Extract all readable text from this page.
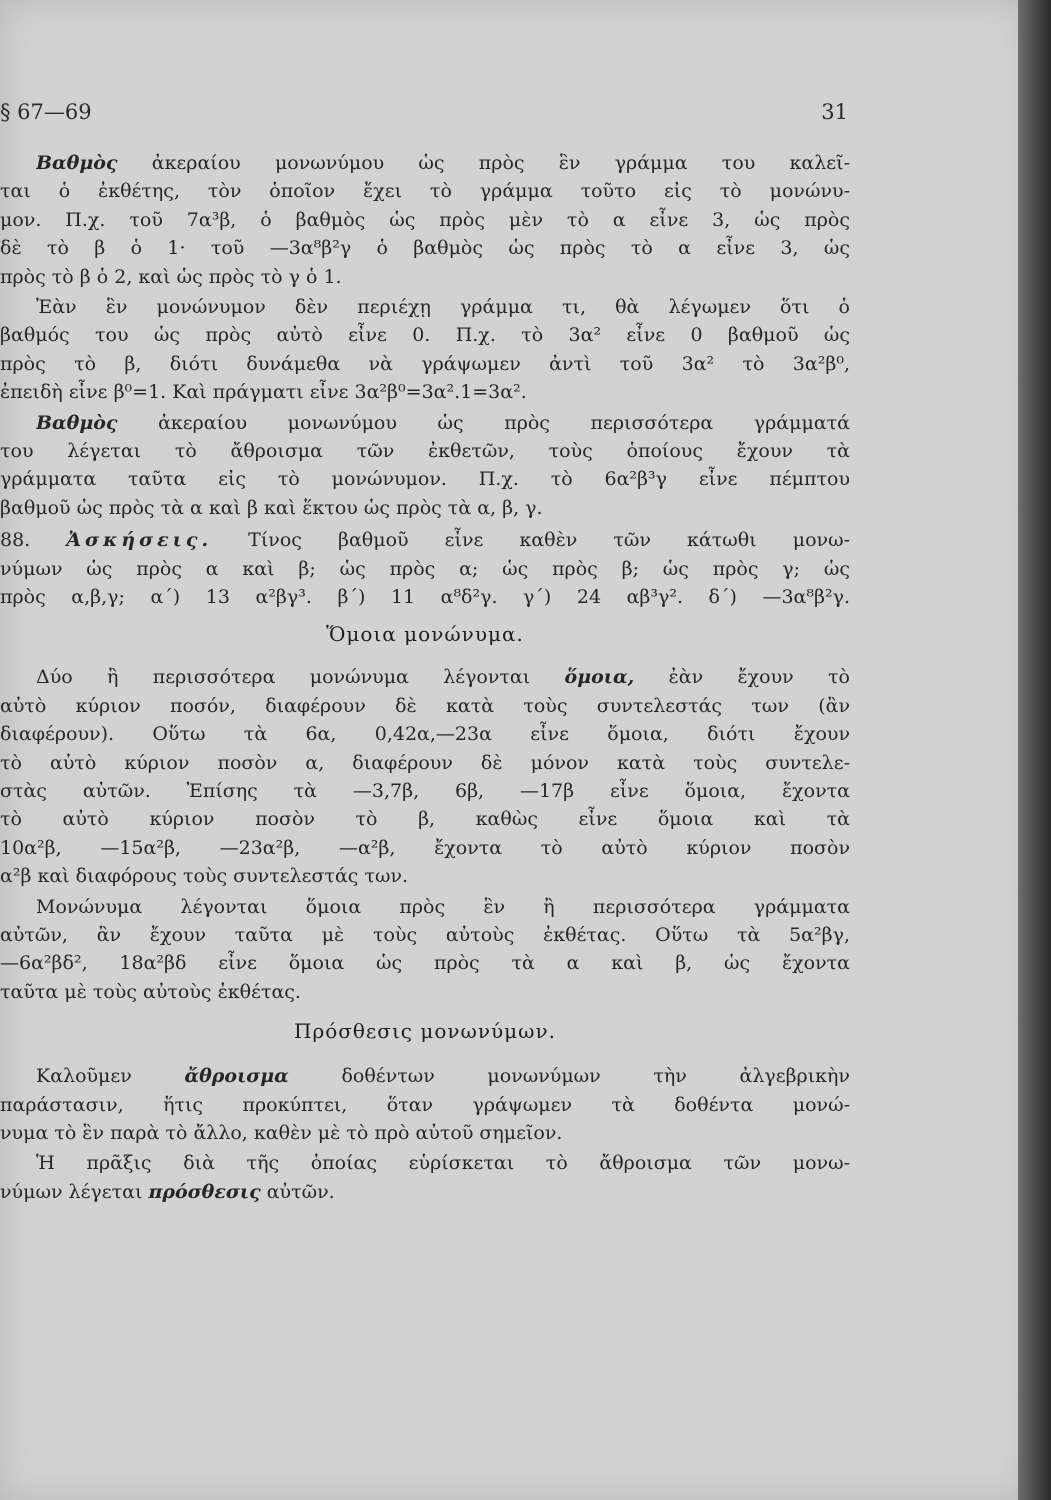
§ 67—69	31
Βαθμὸς ἀκεραίου μονωνύμου ὡς πρὸς ἓν γράμμα του καλεῖ-
ται ὁ ἐκθέτης, τὸν ὁποῖον ἔχει τὸ γράμμα τοῦτο εἰς τὸ μονώνυ-
μον. Π.χ. τοῦ 7α³β, ὁ βαθμὸς ὡς πρὸς μὲν τὸ α εἶνε 3, ὡς πρὸς
δὲ τὸ β ὁ 1· τοῦ —3α⁸β²γ ὁ βαθμὸς ὡς πρὸς τὸ α εἶνε 3, ὡς
πρὸς τὸ β ὁ 2, καὶ ὡς πρὸς τὸ γ ὁ 1.
Ἐὰν ἓν μονώνυμον δὲν περιέχῃ γράμμα τι, θὰ λέγωμεν ὅτι ὁ
βαθμός του ὡς πρὸς αὐτὸ εἶνε 0. Π.χ. τὸ 3α² εἶνε 0 βαθμοῦ ὡς
πρὸς τὸ β, διότι δυνάμεθα νὰ γράψωμεν ἀντὶ τοῦ 3α² τὸ 3α²β⁰,
ἐπειδὴ εἶνε β⁰=1. Καὶ πράγματι εἶνε 3α²β⁰=3α².1=3α².
Βαθμὸς ἀκεραίου μονωνύμου ὡς πρὸς περισσότερα γράμματά
του λέγεται τὸ ἄθροισμα τῶν ἐκθετῶν, τοὺς ὁποίους ἔχουν τὰ
γράμματα ταῦτα εἰς τὸ μονώνυμον. Π.χ. τὸ 6α²β³γ εἶνε πέμπτου
βαθμοῦ ὡς πρὸς τὰ α καὶ β καὶ ἕκτου ὡς πρὸς τὰ α, β, γ.
88. Ἀσκήσεις. Τίνος βαθμοῦ εἶνε καθὲν τῶν κάτωθι μονω-
νύμων ὡς πρὸς α καὶ β; ὡς πρὸς α; ὡς πρὸς β; ὡς πρὸς γ; ὡς
πρὸς α,β,γ; α΄) 13 α²βγ³. β΄) 11 α⁸δ²γ. γ΄) 24 αβ³γ². δ΄) —3α⁸β²γ.
Ὅμοια μονώνυμα.
Δύο ἢ περισσότερα μονώνυμα λέγονται ὅμοια, ἐὰν ἔχουν τὸ
αὐτὸ κύριον ποσόν, διαφέρουν δὲ κατὰ τοὺς συντελεστάς των (ἂν
διαφέρουν). Οὕτω τὰ 6α, 0,42α,—23α εἶνε ὅμοια, διότι ἔχουν
τὸ αὐτὸ κύριον ποσὸν α, διαφέρουν δὲ μόνον κατὰ τοὺς συντελε-
στὰς αὐτῶν. Ἐπίσης τὰ —3,7β, 6β, —17β εἶνε ὅμοια, ἔχοντα
τὸ αὐτὸ κύριον ποσὸν τὸ β, καθὼς εἶνε ὅμοια καὶ τὰ
10α²β, —15α²β, —23α²β, —α²β, ἔχοντα τὸ αὐτὸ κύριον ποσὸν
α²β καὶ διαφόρους τοὺς συντελεστάς των.
Μονώνυμα λέγονται ὅμοια πρὸς ἓν ἢ περισσότερα γράμματα
αὐτῶν, ἂν ἔχουν ταῦτα μὲ τοὺς αὐτοὺς ἐκθέτας. Οὕτω τὰ 5α²βγ,
—6α²βδ², 18α²βδ εἶνε ὅμοια ὡς πρὸς τὰ α καὶ β, ὡς ἔχοντα
ταῦτα μὲ τοὺς αὐτοὺς ἐκθέτας.
Πρόσθεσις μονωνύμων.
Καλοῦμεν ἄθροισμα δοθέντων μονωνύμων τὴν ἀλγεβρικὴν
παράστασιν, ἥτις προκύπτει, ὅταν γράψωμεν τὰ δοθέντα μονώ-
νυμα τὸ ἓν παρὰ τὸ ἄλλο, καθὲν μὲ τὸ πρὸ αὐτοῦ σημεῖον.
Ἡ πρᾶξις διὰ τῆς ὁποίας εὑρίσκεται τὸ ἄθροισμα τῶν μονω-
νύμων λέγεται πρόσθεσις αὐτῶν.
